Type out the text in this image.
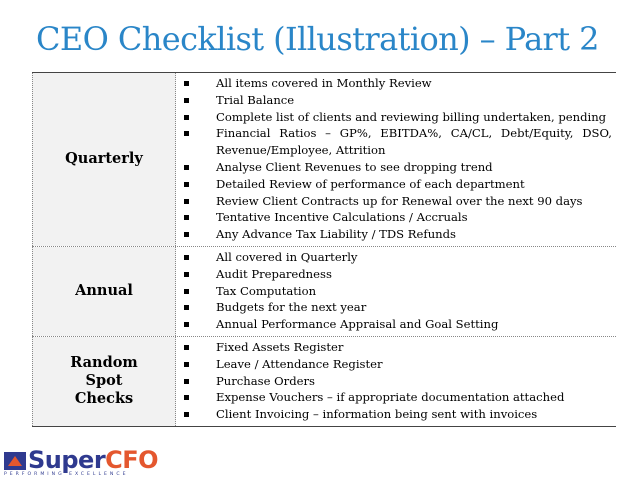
CEO Checklist (Illustration) – Part 2
Quarterly
All items covered in Monthly Review
Trial Balance
Complete list of clients and reviewing billing undertaken, pending
Financial Ratios – GP%, EBITDA%, CA/CL, Debt/Equity, DSO,
Revenue/Employee, Attrition
Analyse Client Revenues to see dropping trend
Detailed Review of performance of each department
Review Client Contracts up for Renewal over the next 90 days
Tentative Incentive Calculations / Accruals
Any Advance Tax Liability / TDS Refunds
Annual
All covered in Quarterly
Audit Preparedness
Tax Computation
Budgets for the next year
Annual Performance Appraisal and Goal Setting
Random Spot Checks
Fixed Assets Register
Leave / Attendance Register
Purchase Orders
Expense Vouchers – if appropriate documentation attached
Client Invoicing – information being sent with invoices
SuperCFO
PERFORMING EXCELLENCE
